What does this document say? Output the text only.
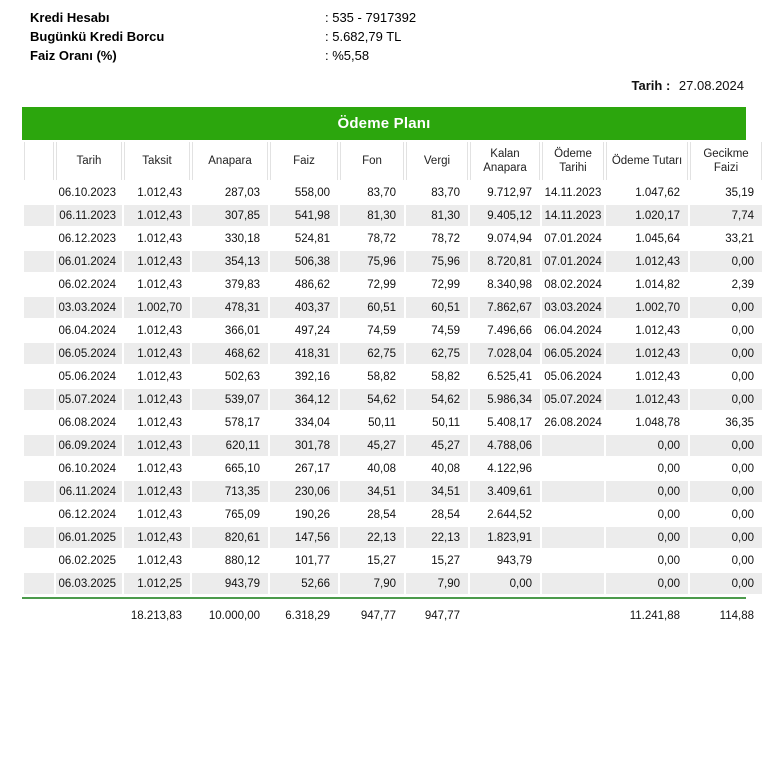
Kredi Hesabı	: 535 - 7917392
Bugünkü Kredi Borcu	: 5.682,79 TL
Faiz Oranı (%)	: %5,58
Tarih : 27.08.2024
Ödeme Planı
	Tarih	Taksit	Anapara	Faiz	Fon	Vergi	Kalan Anapara	Ödeme Tarihi	Ödeme Tutarı	Gecikme Faizi
	06.10.2023	1.012,43	287,03	558,00	83,70	83,70	9.712,97	14.11.2023	1.047,62	35,19
	06.11.2023	1.012,43	307,85	541,98	81,30	81,30	9.405,12	14.11.2023	1.020,17	7,74
	06.12.2023	1.012,43	330,18	524,81	78,72	78,72	9.074,94	07.01.2024	1.045,64	33,21
	06.01.2024	1.012,43	354,13	506,38	75,96	75,96	8.720,81	07.01.2024	1.012,43	0,00
	06.02.2024	1.012,43	379,83	486,62	72,99	72,99	8.340,98	08.02.2024	1.014,82	2,39
	03.03.2024	1.002,70	478,31	403,37	60,51	60,51	7.862,67	03.03.2024	1.002,70	0,00
	06.04.2024	1.012,43	366,01	497,24	74,59	74,59	7.496,66	06.04.2024	1.012,43	0,00
	06.05.2024	1.012,43	468,62	418,31	62,75	62,75	7.028,04	06.05.2024	1.012,43	0,00
	05.06.2024	1.012,43	502,63	392,16	58,82	58,82	6.525,41	05.06.2024	1.012,43	0,00
	05.07.2024	1.012,43	539,07	364,12	54,62	54,62	5.986,34	05.07.2024	1.012,43	0,00
	06.08.2024	1.012,43	578,17	334,04	50,11	50,11	5.408,17	26.08.2024	1.048,78	36,35
	06.09.2024	1.012,43	620,11	301,78	45,27	45,27	4.788,06		0,00	0,00
	06.10.2024	1.012,43	665,10	267,17	40,08	40,08	4.122,96		0,00	0,00
	06.11.2024	1.012,43	713,35	230,06	34,51	34,51	3.409,61		0,00	0,00
	06.12.2024	1.012,43	765,09	190,26	28,54	28,54	2.644,52		0,00	0,00
	06.01.2025	1.012,43	820,61	147,56	22,13	22,13	1.823,91		0,00	0,00
	06.02.2025	1.012,43	880,12	101,77	15,27	15,27	943,79		0,00	0,00
	06.03.2025	1.012,25	943,79	52,66	7,90	7,90	0,00		0,00	0,00
		18.213,83	10.000,00	6.318,29	947,77	947,77			11.241,88	114,88
